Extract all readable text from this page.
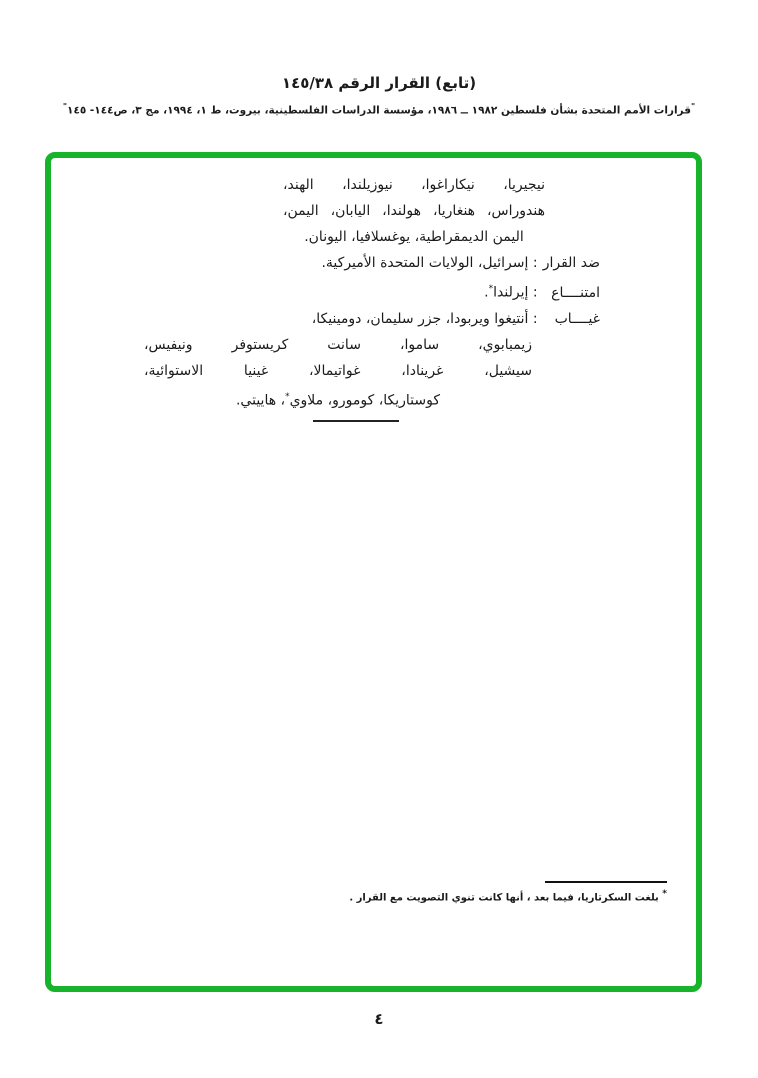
(تابع) القرار الرقم ١٤٥/٣٨
"قرارات الأمم المتحدة بشأن فلسطين ١٩٨٢ ــ ١٩٨٦، مؤسسة الدراسات الفلسطينية، بيروت، ط ١، ١٩٩٤، مج ٣، ص١٤٤- ١٤٥"
نيجيريا، نيكاراغوا، نيوزيلندا، الهند،
هندوراس، هنغاريا، هولندا، اليابان، اليمن،
اليمن الديمقراطية، يوغسلافيا، اليونان.
ضد القرار : إسرائيل، الولايات المتحدة الأميركية.
امتنــــاع : إيرلندا*.
غيــــاب : أنتيغوا ويربودا، جزر سليمان، دومينيكا،
زيمبابوي، ساموا، سانت كريستوفر ونيفيس،
سيشيل، غرينادا، غواتيمالا، غينيا الاستوائية،
كوستاريكا، كومورو، ملاوي*، هاييتي.
* بلغت السكرتاريا، فيما بعد ، أنها كانت تنوي التصويت مع القرار .
٤
